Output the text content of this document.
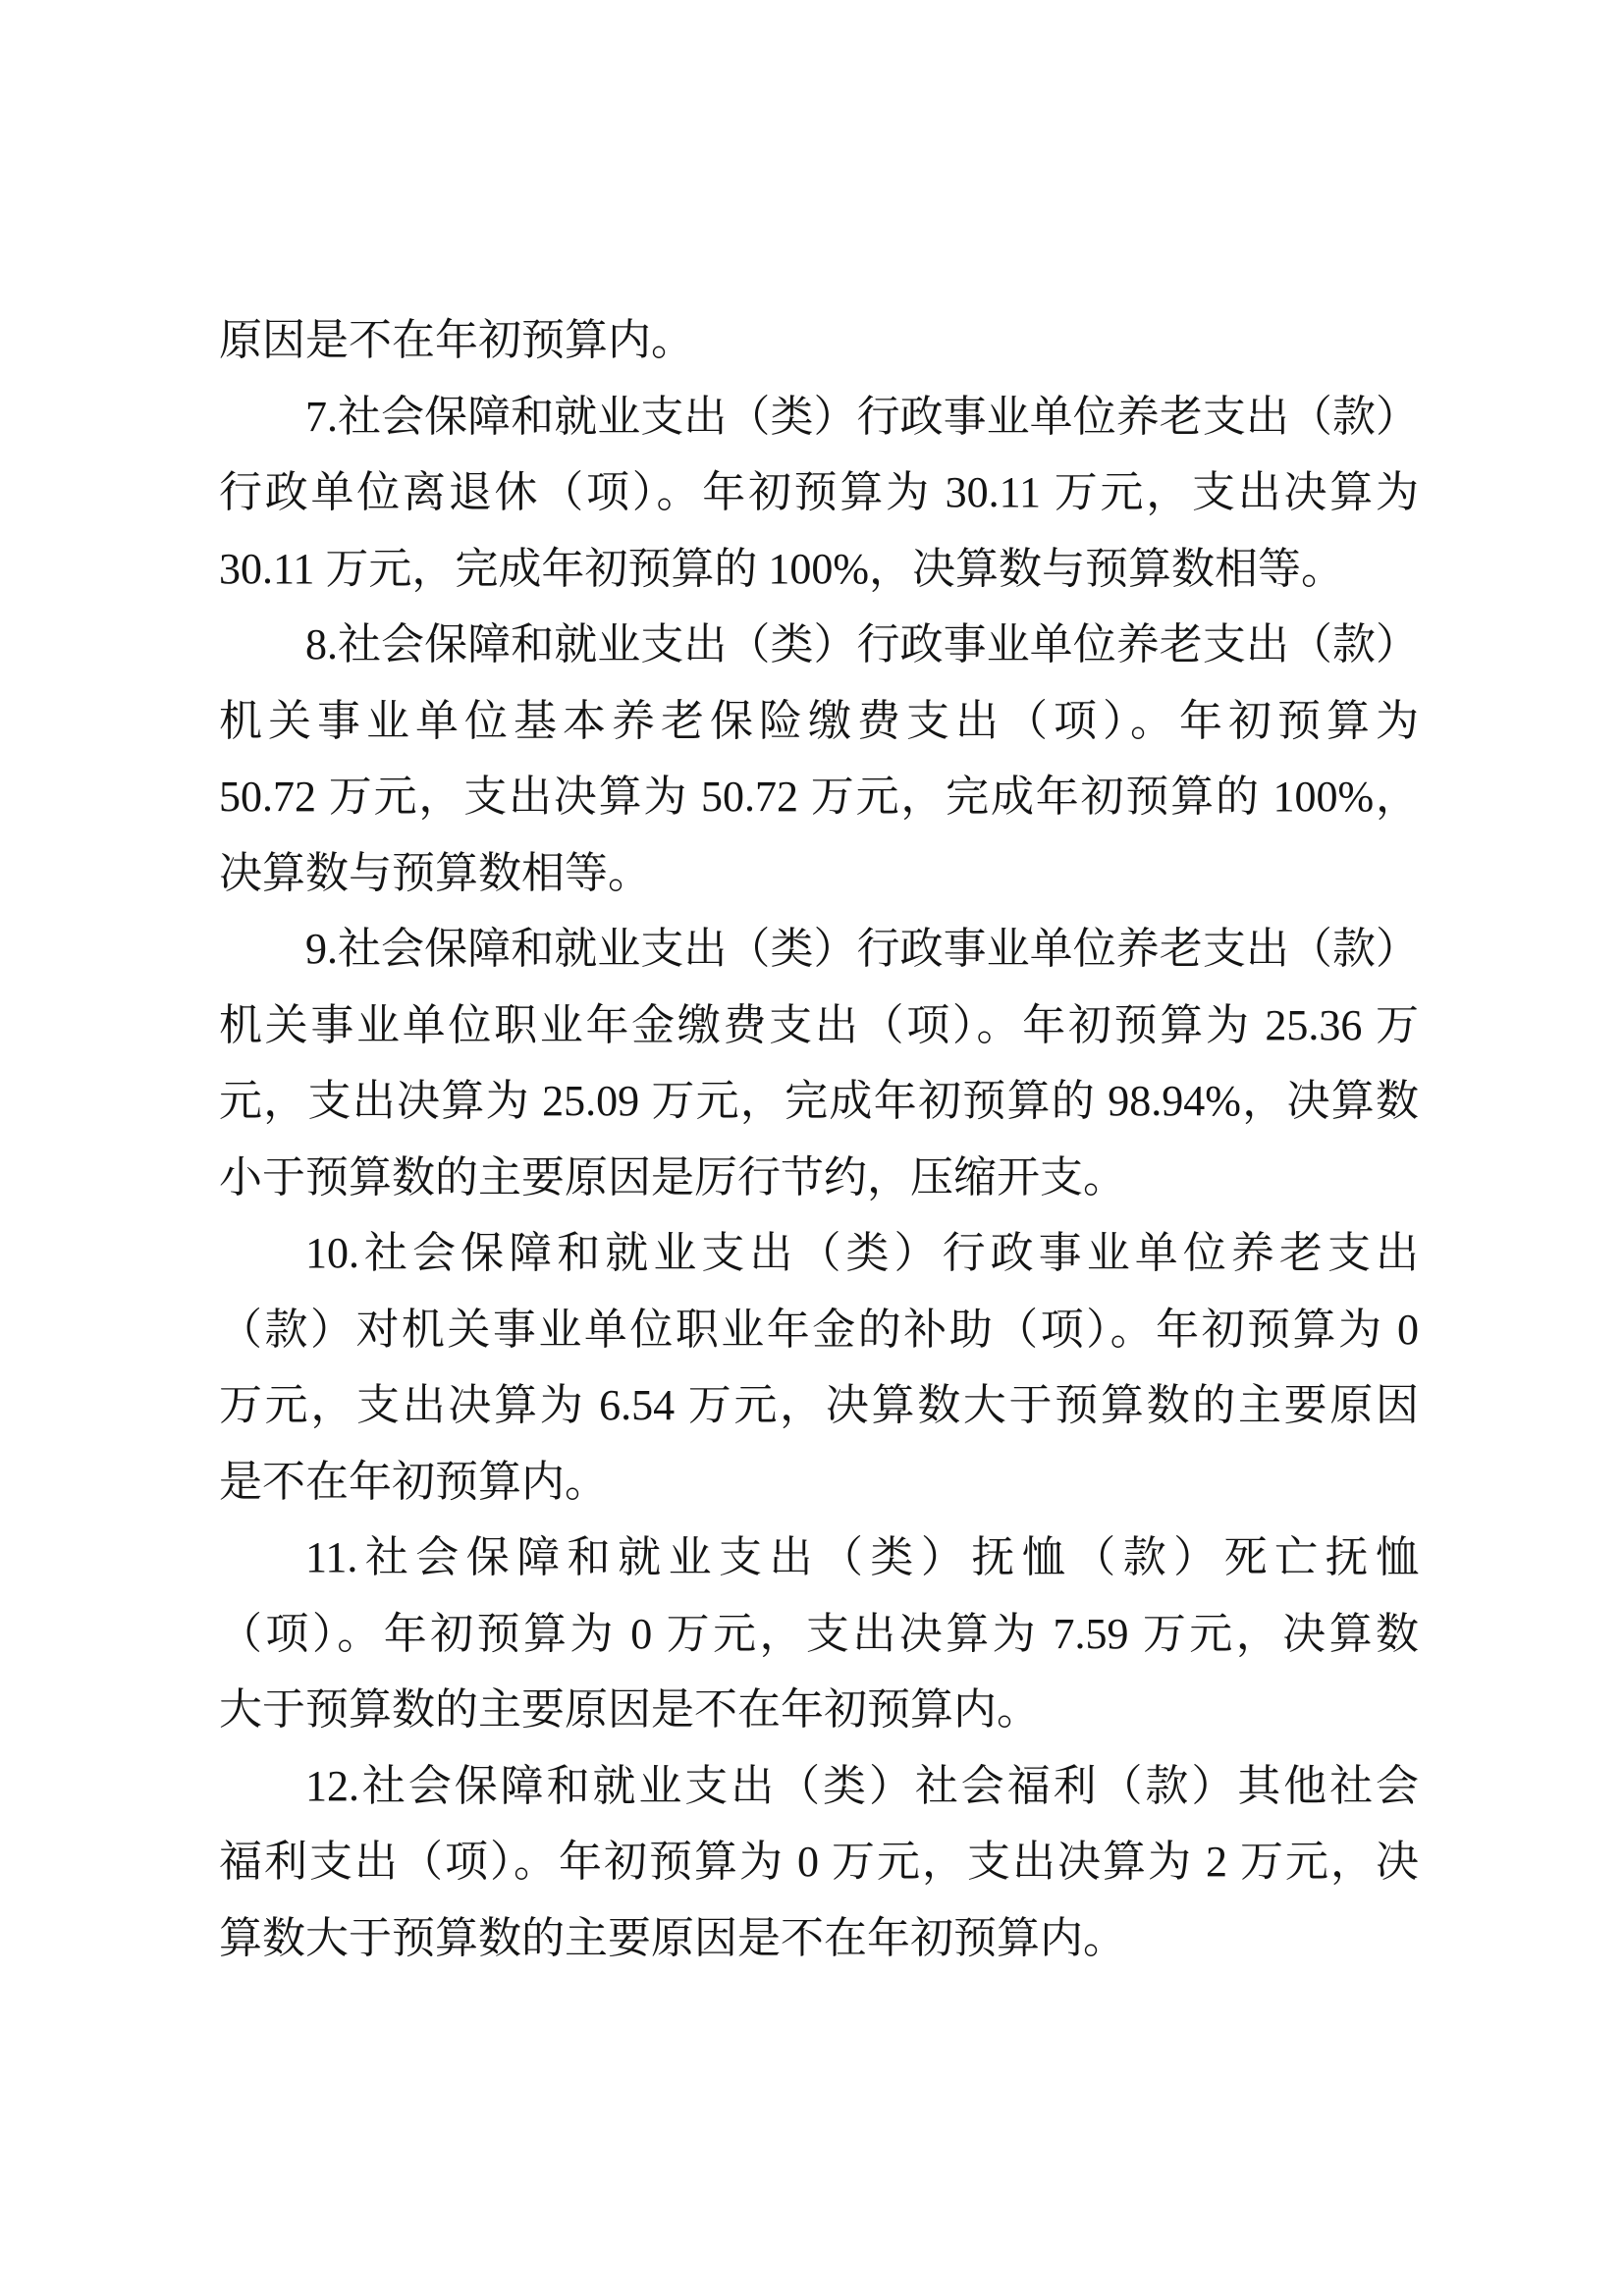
原因是不在年初预算内。
7.社会保障和就业支出（类）行政事业单位养老支出（款）
行政单位离退休（项）。年初预算为 30.11 万元，支出决算为
30.11 万元，完成年初预算的 100%，决算数与预算数相等。
8.社会保障和就业支出（类）行政事业单位养老支出（款）
机关事业单位基本养老保险缴费支出（项）。年初预算为
50.72 万元，支出决算为 50.72 万元，完成年初预算的 100%，
决算数与预算数相等。
9.社会保障和就业支出（类）行政事业单位养老支出（款）
机关事业单位职业年金缴费支出（项）。年初预算为 25.36 万
元，支出决算为 25.09 万元，完成年初预算的 98.94%，决算数
小于预算数的主要原因是厉行节约，压缩开支。
10.社会保障和就业支出（类）行政事业单位养老支出
（款）对机关事业单位职业年金的补助（项）。年初预算为 0
万元，支出决算为 6.54 万元，决算数大于预算数的主要原因
是不在年初预算内。
11.社会保障和就业支出（类）抚恤（款）死亡抚恤
（项）。年初预算为 0 万元，支出决算为 7.59 万元，决算数
大于预算数的主要原因是不在年初预算内。
12.社会保障和就业支出（类）社会福利（款）其他社会
福利支出（项）。年初预算为 0 万元，支出决算为 2 万元，决
算数大于预算数的主要原因是不在年初预算内。
